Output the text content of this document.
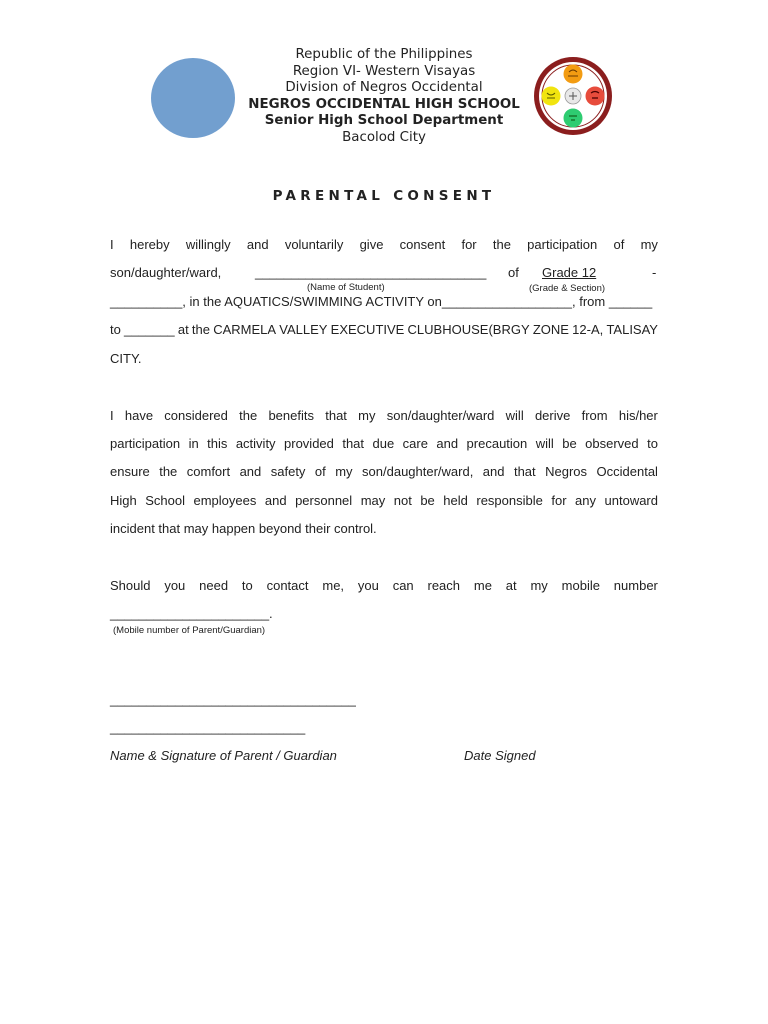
Republic of the Philippines
Region VI- Western Visayas
Division of Negros Occidental
NEGROS OCCIDENTAL HIGH SCHOOL
Senior High School Department
Bacolod City
PARENTAL CONSENT
I hereby willingly and voluntarily give consent for the participation of my
son/daughter/ward,	________________________________ of Grade 12	-
(Name of Student)	(Grade & Section)
__________, in the AQUATICS/SWIMMING ACTIVITY on__________________, from ______
to _______ at the CARMELA VALLEY EXECUTIVE CLUBHOUSE(BRGY ZONE 12-A, TALISAY
CITY.
I have considered the benefits that my son/daughter/ward will derive from his/her
participation in this activity provided that due care and precaution will be observed to
ensure the comfort and safety of my son/daughter/ward, and that Negros Occidental
High School employees and personnel may not be held responsible for any untoward
incident that may happen beyond their control.
Should you need to contact me, you can reach me at my mobile number
______________________.
(Mobile number of Parent/Guardian)
__________________________________
___________________________
Name & Signature of Parent / Guardian	Date Signed
